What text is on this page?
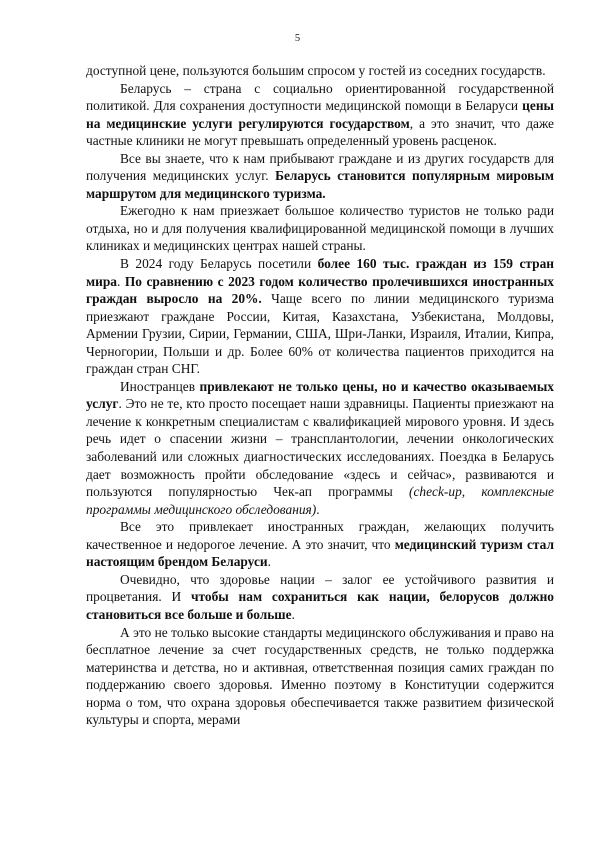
5

доступной цене, пользуются большим спросом у гостей из соседних государств.

Беларусь – страна с социально ориентированной государственной политикой. Для сохранения доступности медицинской помощи в Беларуси цены на медицинские услуги регулируются государством, а это значит, что даже частные клиники не могут превышать определенный уровень расценок.

Все вы знаете, что к нам прибывают граждане и из других государств для получения медицинских услуг. Беларусь становится популярным мировым маршрутом для медицинского туризма.

Ежегодно к нам приезжает большое количество туристов не только ради отдыха, но и для получения квалифицированной медицинской помощи в лучших клиниках и медицинских центрах нашей страны.

В 2024 году Беларусь посетили более 160 тыс. граждан из 159 стран мира. По сравнению с 2023 годом количество пролечившихся иностранных граждан выросло на 20%. Чаще всего по линии медицинского туризма приезжают граждане России, Китая, Казахстана, Узбекистана, Молдовы, Армении Грузии, Сирии, Германии, США, Шри-Ланки, Израиля, Италии, Кипра, Черногории, Польши и др. Более 60% от количества пациентов приходится на граждан стран СНГ.

Иностранцев привлекают не только цены, но и качество оказываемых услуг. Это не те, кто просто посещает наши здравницы. Пациенты приезжают на лечение к конкретным специалистам с квалификацией мирового уровня. И здесь речь идет о спасении жизни – трансплантологии, лечении онкологических заболеваний или сложных диагностических исследованиях. Поездка в Беларусь дает возможность пройти обследование «здесь и сейчас», развиваются и пользуются популярностью Чек-ап программы (check-up, комплексные программы медицинского обследования).

Все это привлекает иностранных граждан, желающих получить качественное и недорогое лечение. А это значит, что медицинский туризм стал настоящим брендом Беларуси.

Очевидно, что здоровье нации – залог ее устойчивого развития и процветания. И чтобы нам сохраниться как нации, белорусов должно становиться все больше и больше.

А это не только высокие стандарты медицинского обслуживания и право на бесплатное лечение за счет государственных средств, не только поддержка материнства и детства, но и активная, ответственная позиция самих граждан по поддержанию своего здоровья. Именно поэтому в Конституции содержится норма о том, что охрана здоровья обеспечивается также развитием физической культуры и спорта, мерами
